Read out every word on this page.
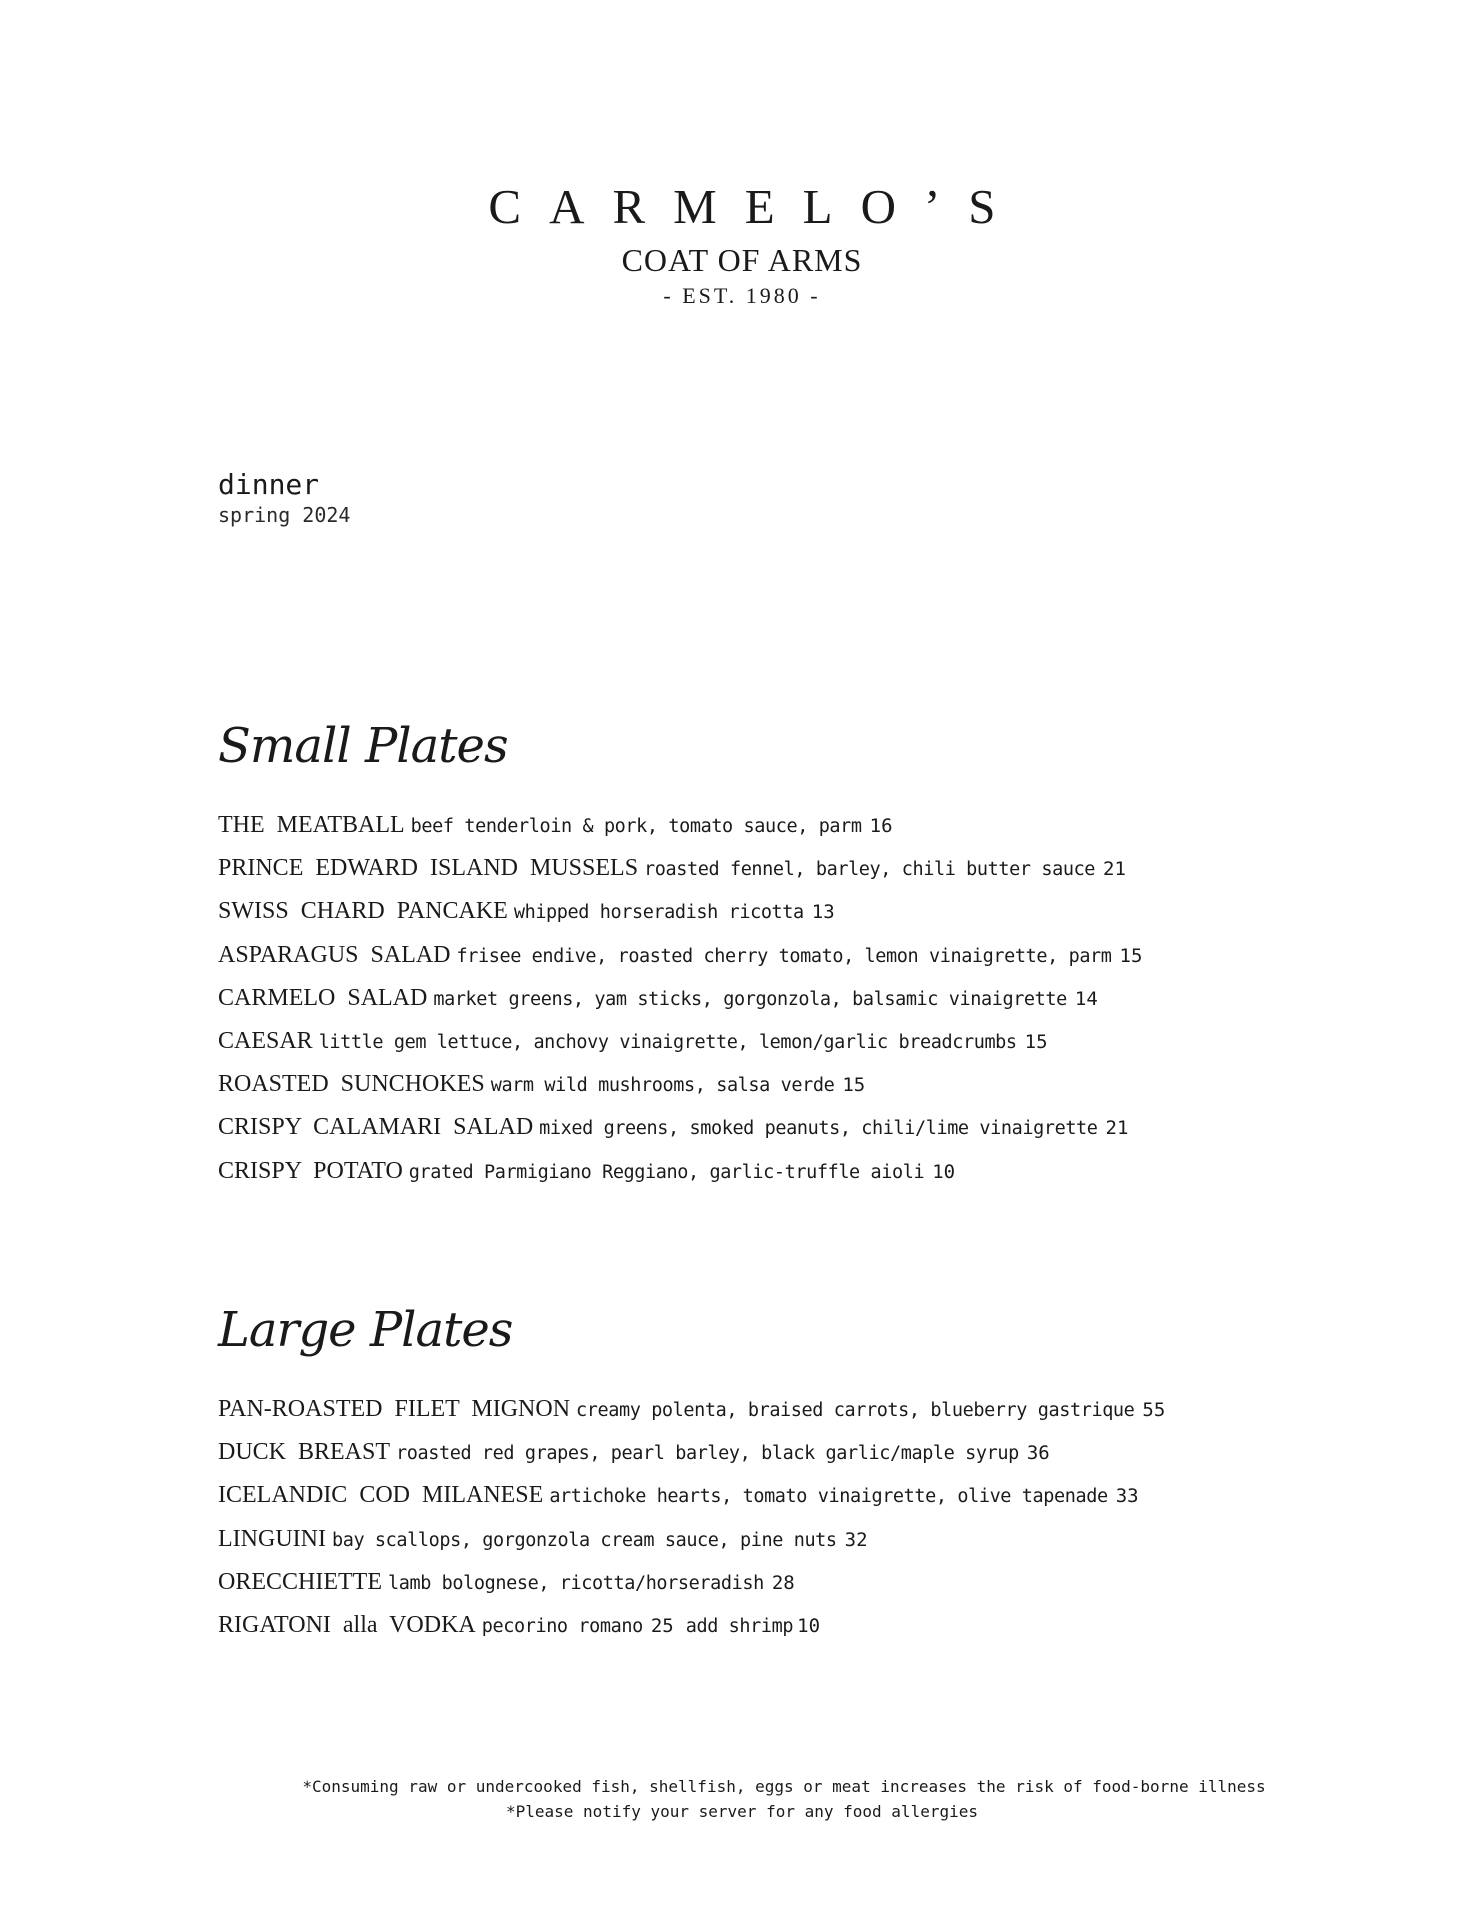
CARMELO’S
COAT OF ARMS
- EST. 1980 -
dinner
spring 2024
Small Plates
THE MEATBALL beef tenderloin & pork, tomato sauce, parm 16
PRINCE EDWARD ISLAND MUSSELS roasted fennel, barley, chili butter sauce 21
SWISS CHARD PANCAKE whipped horseradish ricotta 13
ASPARAGUS SALAD frisee endive, roasted cherry tomato, lemon vinaigrette, parm 15
CARMELO SALAD market greens, yam sticks, gorgonzola, balsamic vinaigrette 14
CAESAR little gem lettuce, anchovy vinaigrette, lemon/garlic breadcrumbs 15
ROASTED SUNCHOKES warm wild mushrooms, salsa verde 15
CRISPY CALAMARI SALAD mixed greens, smoked peanuts, chili/lime vinaigrette 21
CRISPY POTATO grated Parmigiano Reggiano, garlic-truffle aioli 10
Large Plates
PAN-ROASTED FILET MIGNON creamy polenta, braised carrots, blueberry gastrique 55
DUCK BREAST roasted red grapes, pearl barley, black garlic/maple syrup 36
ICELANDIC COD MILANESE artichoke hearts, tomato vinaigrette, olive tapenade 33
LINGUINI bay scallops, gorgonzola cream sauce, pine nuts 32
ORECCHIETTE lamb bolognese, ricotta/horseradish 28
RIGATONI alla VODKA pecorino romano 25 add shrimp 10
*Consuming raw or undercooked fish, shellfish, eggs or meat increases the risk of food-borne illness
*Please notify your server for any food allergies
